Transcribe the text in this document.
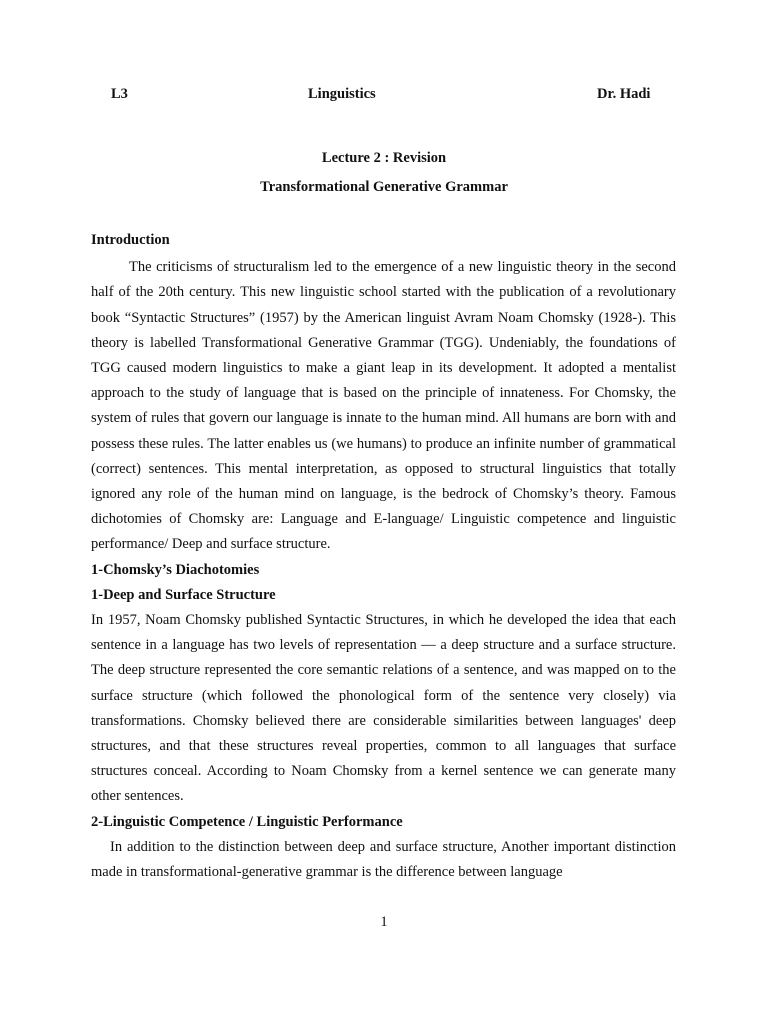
L3	Linguistics	Dr. Hadi
Lecture 2 : Revision
Transformational Generative Grammar

Introduction

The criticisms of structuralism led to the emergence of a new linguistic theory in the second half of the 20th century. This new linguistic school started with the publication of a revolutionary book “Syntactic Structures” (1957) by the American linguist Avram Noam Chomsky (1928-). This theory is labelled Transformational Generative Grammar (TGG). Undeniably, the foundations of TGG caused modern linguistics to make a giant leap in its development. It adopted a mentalist approach to the study of language that is based on the principle of innateness. For Chomsky, the system of rules that govern our language is innate to the human mind. All humans are born with and possess these rules. The latter enables us (we humans) to produce an infinite number of grammatical (correct) sentences. This mental interpretation, as opposed to structural linguistics that totally ignored any role of the human mind on language, is the bedrock of Chomsky’s theory. Famous dichotomies of Chomsky are: Language and E-language/ Linguistic competence and linguistic performance/ Deep and surface structure.

1-Chomsky’s Diachotomies

1-Deep and Surface Structure

In 1957, Noam Chomsky published Syntactic Structures, in which he developed the idea that each sentence in a language has two levels of representation — a deep structure and a surface structure. The deep structure represented the core semantic relations of a sentence, and was mapped on to the surface structure (which followed the phonological form of the sentence very closely) via transformations. Chomsky believed there are considerable similarities between languages' deep structures, and that these structures reveal properties, common to all languages that surface structures conceal. According to Noam Chomsky from a kernel sentence we can generate many other sentences.

2-Linguistic Competence / Linguistic Performance

In addition to the distinction between deep and surface structure, Another important distinction made in transformational-generative grammar is the difference between language

1
